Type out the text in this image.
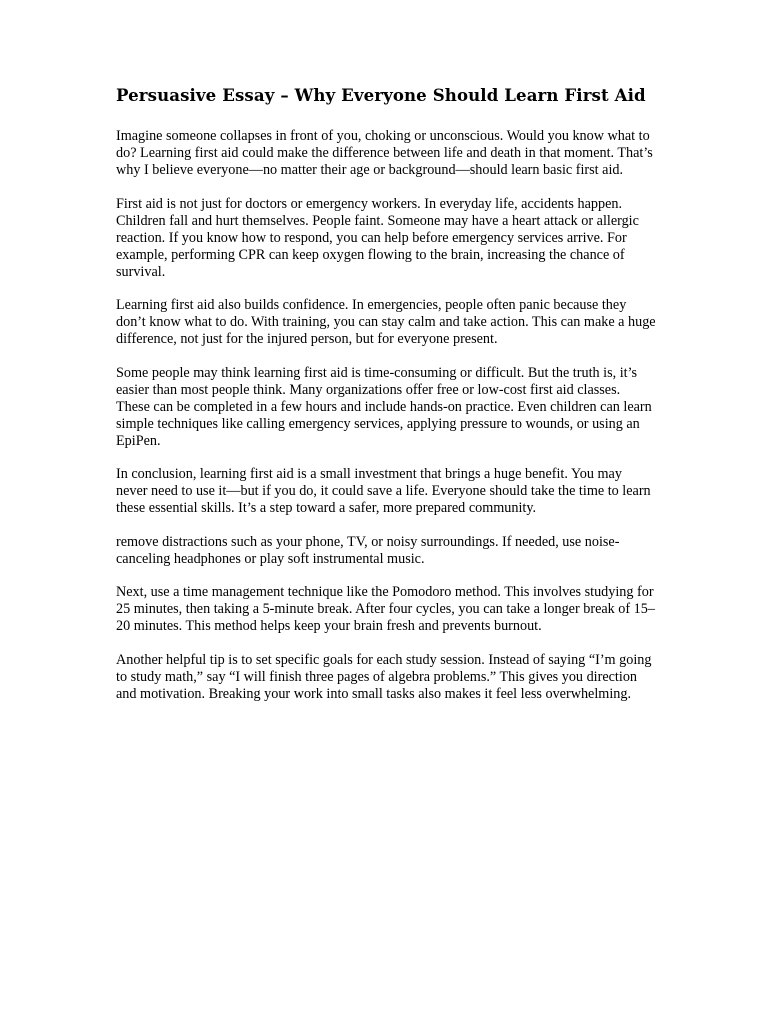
Persuasive Essay – Why Everyone Should Learn First Aid

Imagine someone collapses in front of you, choking or unconscious. Would you know what to do? Learning first aid could make the difference between life and death in that moment. That’s why I believe everyone—no matter their age or background—should learn basic first aid.

First aid is not just for doctors or emergency workers. In everyday life, accidents happen. Children fall and hurt themselves. People faint. Someone may have a heart attack or allergic reaction. If you know how to respond, you can help before emergency services arrive. For example, performing CPR can keep oxygen flowing to the brain, increasing the chance of survival.

Learning first aid also builds confidence. In emergencies, people often panic because they don’t know what to do. With training, you can stay calm and take action. This can make a huge difference, not just for the injured person, but for everyone present.

Some people may think learning first aid is time-consuming or difficult. But the truth is, it’s easier than most people think. Many organizations offer free or low-cost first aid classes. These can be completed in a few hours and include hands-on practice. Even children can learn simple techniques like calling emergency services, applying pressure to wounds, or using an EpiPen.

In conclusion, learning first aid is a small investment that brings a huge benefit. You may never need to use it—but if you do, it could save a life. Everyone should take the time to learn these essential skills. It’s a step toward a safer, more prepared community.

remove distractions such as your phone, TV, or noisy surroundings. If needed, use noise-canceling headphones or play soft instrumental music.

Next, use a time management technique like the Pomodoro method. This involves studying for 25 minutes, then taking a 5-minute break. After four cycles, you can take a longer break of 15–20 minutes. This method helps keep your brain fresh and prevents burnout.

Another helpful tip is to set specific goals for each study session. Instead of saying “I’m going to study math,” say “I will finish three pages of algebra problems.” This gives you direction and motivation. Breaking your work into small tasks also makes it feel less overwhelming.
